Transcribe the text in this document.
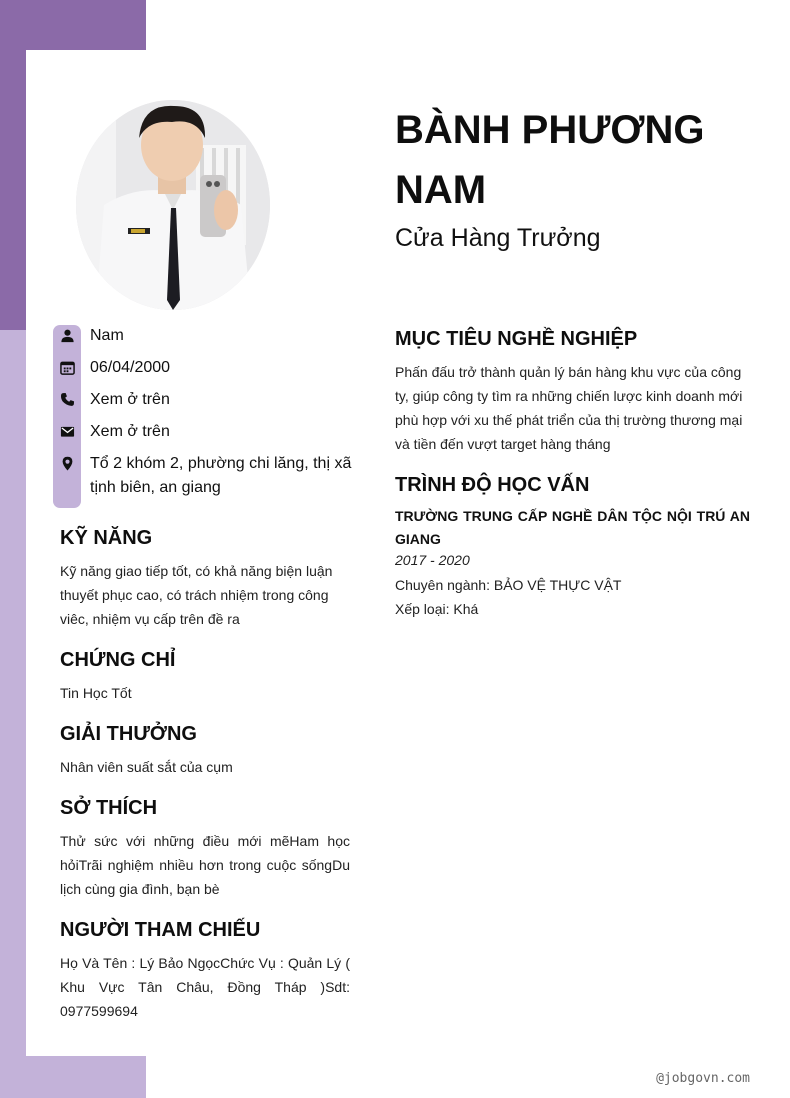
BÀNH PHƯƠNG NAM
Cửa Hàng Trưởng
Nam
06/04/2000
Xem ở trên
Xem ở trên
Tổ 2 khóm 2, phường chi lăng, thị xã tịnh biên, an giang
KỸ NĂNG

Kỹ năng giao tiếp tốt, có khả năng biện luận thuyết phục cao, có trách nhiệm trong công viêc, nhiệm vụ cấp trên đề ra

CHỨNG CHỈ

Tin Học Tốt

GIẢI THƯỞNG

Nhân viên suất sắt của cụm

SỞ THÍCH

Thử sức với những điều mới mẽHam học hỏiTrãi nghiệm nhiều hơn trong cuộc sốngDu lịch cùng gia đình, bạn bè

NGƯỜI THAM CHIẾU

Họ Và Tên : Lý Bảo NgọcChức Vụ : Quản Lý ( Khu Vực Tân Châu, Đồng Tháp )Sdt: 0977599694

MỤC TIÊU NGHỀ NGHIỆP

Phấn đấu trở thành quản lý bán hàng khu vực của công ty, giúp công ty tìm ra những chiến lược kinh doanh mới phù hợp với xu thế phát triển của thị trường thương mại và tiền đến vượt target hàng tháng

TRÌNH ĐỘ HỌC VẤN

TRƯỜNG TRUNG CẤP NGHỀ DÂN TỘC NỘI TRÚ AN GIANG

2017 - 2020
Chuyên ngành: BẢO VỆ THỰC VẬT
Xếp loại: Khá
@jobgovn.com
